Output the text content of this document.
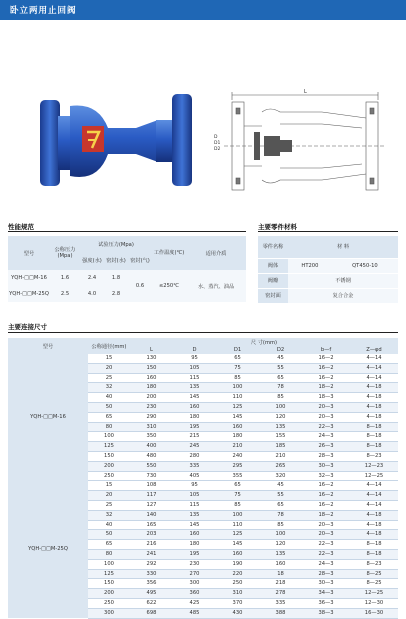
卧立两用止回阀
L
D
D1
D2
性能规范
型号	公称压力(Mpa)	试验压力(Mpa)			工作温度(℃)	适用介质
		强度(水)	密封(水)	密封(气)		
YQH-□□M-16	1.6	2.4	1.8	0.6	≤250℃	水、蒸汽、油品
YQH-□□M-25Q	2.5	4.0	2.8			
主要零件材料
零件名称	材 料	
阀体	HT200	QT450-10
阀瓣	不锈钢	
密封面	复合合金	
主要连接尺寸
型号	公称通径(mm)	尺 寸(mm)					
		L	D	D1	D2	b—f	Z—φd
YQH-□□M-16	15	130	95	65	45	16—2	4—14
	20	150	105	75	55	16—2	4—14
	25	160	115	85	65	16—2	4—14
	32	180	135	100	78	18—2	4—18
	40	200	145	110	85	18—3	4—18
	50	230	160	125	100	20—3	4—18
	65	290	180	145	120	20—3	4—18
	80	310	195	160	135	22—3	8—18
	100	350	215	180	155	24—3	8—18
	125	400	245	210	185	26—3	8—18
	150	480	280	240	210	28—3	8—23
	200	550	335	295	265	30—3	12—23
	250	730	405	355	320	32—3	12—25
YQH-□□M-25Q	15	108	95	65	45	16—2	4—14
	20	117	105	75	55	16—2	4—14
	25	127	115	85	65	16—2	4—14
	32	140	135	100	78	18—2	4—18
	40	165	145	110	85	20—3	4—18
	50	203	160	125	100	20—3	4—18
	65	216	180	145	120	22—3	8—18
	80	241	195	160	135	22—3	8—18
	100	292	230	190	160	24—3	8—23
	125	330	270	220	18	28—3	8—25
	150	356	300	250	218	30—3	8—25
	200	495	360	310	278	34—3	12—25
	250	622	425	370	335	36—3	12—30
	300	698	485	430	388	38—3	16—30
